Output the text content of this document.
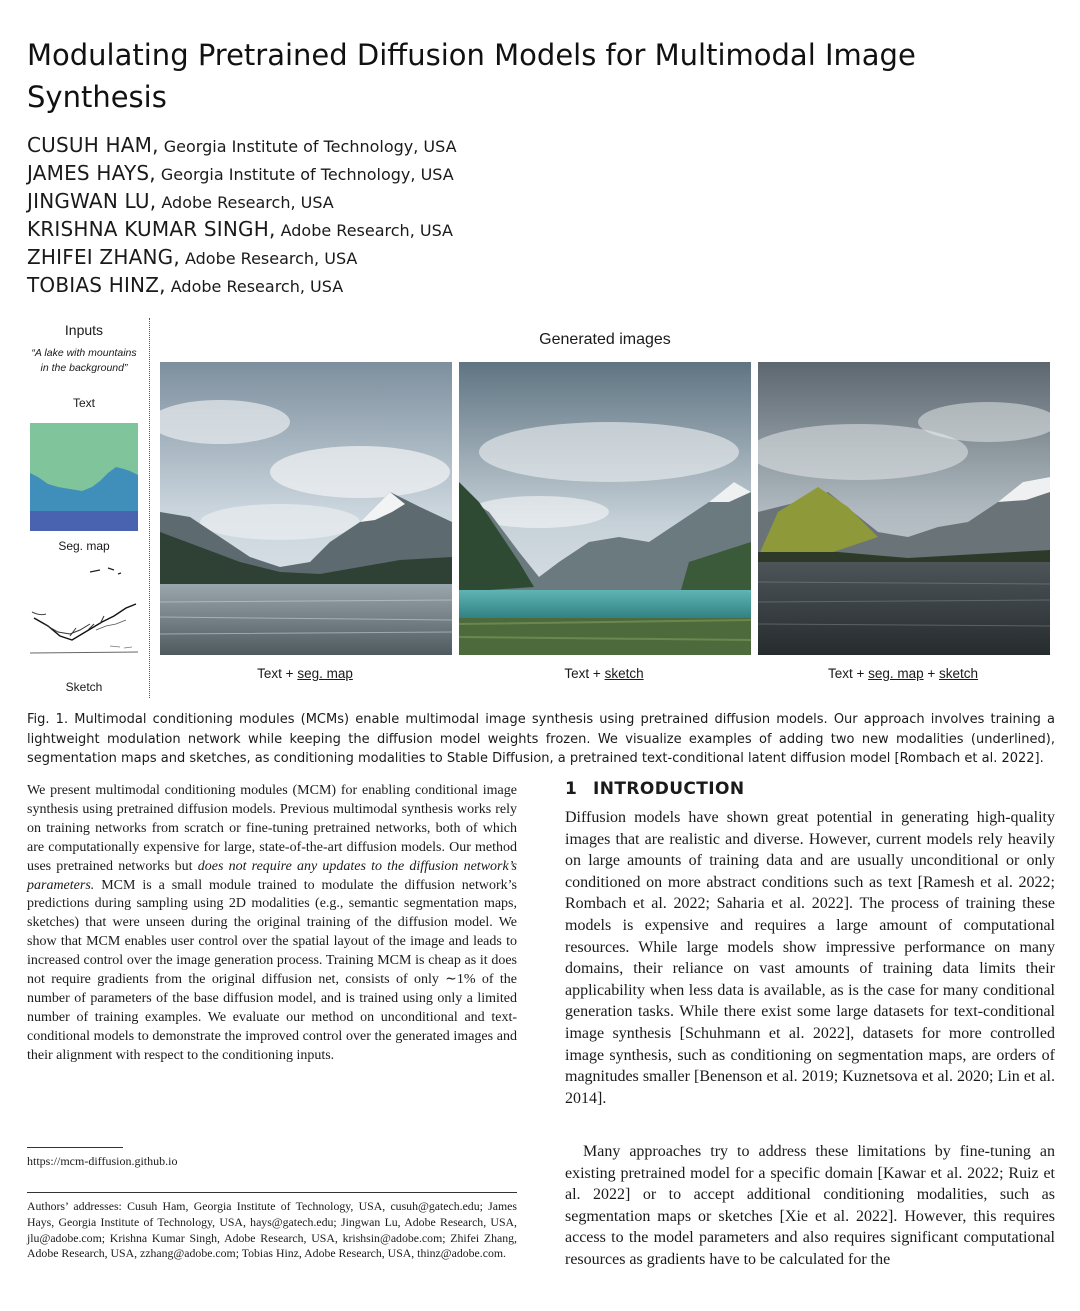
Modulating Pretrained Diffusion Models for Multimodal Image Synthesis
CUSUH HAM, Georgia Institute of Technology, USA
JAMES HAYS, Georgia Institute of Technology, USA
JINGWAN LU, Adobe Research, USA
KRISHNA KUMAR SINGH, Adobe Research, USA
ZHIFEI ZHANG, Adobe Research, USA
TOBIAS HINZ, Adobe Research, USA
Inputs
“A lake with mountains in the background”
Text
Seg. map
Sketch
Generated images
Text + seg. map	Text + sketch	Text + seg. map + sketch

Fig. 1. Multimodal conditioning modules (MCMs) enable multimodal image synthesis using pretrained diffusion models. Our approach involves training a lightweight modulation network while keeping the diffusion model weights frozen. We visualize examples of adding two new modalities (underlined), segmentation maps and sketches, as conditioning modalities to Stable Diffusion, a pretrained text-conditional latent diffusion model [Rombach et al. 2022].

We present multimodal conditioning modules (MCM) for enabling conditional image synthesis using pretrained diffusion models. Previous multimodal synthesis works rely on training networks from scratch or fine-tuning pretrained networks, both of which are computationally expensive for large, state-of-the-art diffusion models. Our method uses pretrained networks but does not require any updates to the diffusion network’s parameters. MCM is a small module trained to modulate the diffusion network’s predictions during sampling using 2D modalities (e.g., semantic segmentation maps, sketches) that were unseen during the original training of the diffusion model. We show that MCM enables user control over the spatial layout of the image and leads to increased control over the image generation process. Training MCM is cheap as it does not require gradients from the original diffusion net, consists of only ∼1% of the number of parameters of the base diffusion model, and is trained using only a limited number of training examples. We evaluate our method on unconditional and text-conditional models to demonstrate the improved control over the generated images and their alignment with respect to the conditioning inputs.

https://mcm-diffusion.github.io

Authors’ addresses: Cusuh Ham, Georgia Institute of Technology, USA, cusuh@gatech.edu; James Hays, Georgia Institute of Technology, USA, hays@gatech.edu; Jingwan Lu, Adobe Research, USA, jlu@adobe.com; Krishna Kumar Singh, Adobe Research, USA, krishsin@adobe.com; Zhifei Zhang, Adobe Research, USA, zzhang@adobe.com; Tobias Hinz, Adobe Research, USA, thinz@adobe.com.

1 INTRODUCTION

Diffusion models have shown great potential in generating high-quality images that are realistic and diverse. However, current models rely heavily on large amounts of training data and are usually unconditional or only conditioned on more abstract conditions such as text [Ramesh et al. 2022; Rombach et al. 2022; Saharia et al. 2022]. The process of training these models is expensive and requires a large amount of computational resources. While large models show impressive performance on many domains, their reliance on vast amounts of training data limits their applicability when less data is available, as is the case for many conditional generation tasks. While there exist some large datasets for text-conditional image synthesis [Schuhmann et al. 2022], datasets for more controlled image synthesis, such as conditioning on segmentation maps, are orders of magnitudes smaller [Benenson et al. 2019; Kuznetsova et al. 2020; Lin et al. 2014].

Many approaches try to address these limitations by fine-tuning an existing pretrained model for a specific domain [Kawar et al. 2022; Ruiz et al. 2022] or to accept additional conditioning modalities, such as segmentation maps or sketches [Xie et al. 2022]. However, this requires access to the model parameters and also requires significant computational resources as gradients have to be calculated for the
